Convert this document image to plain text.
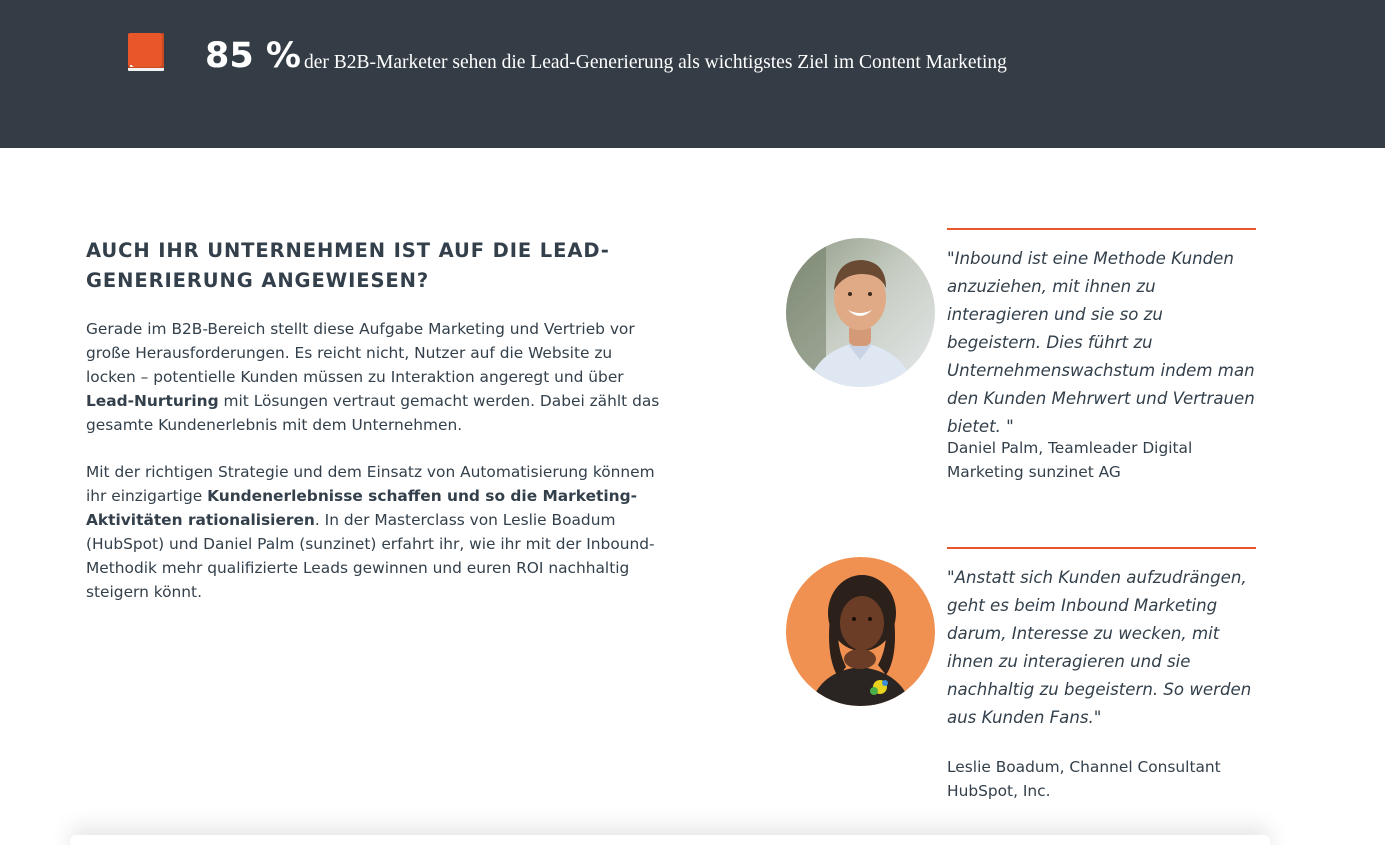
85 % der B2B-Marketer sehen die Lead-Generierung als wichtigstes Ziel im Content Marketing
AUCH IHR UNTERNEHMEN IST AUF DIE LEAD-GENERIERUNG ANGEWIESEN?

Gerade im B2B-Bereich stellt diese Aufgabe Marketing und Vertrieb vor große Herausforderungen. Es reicht nicht, Nutzer auf die Website zu locken – potentielle Kunden müssen zu Interaktion angeregt und über Lead-Nurturing mit Lösungen vertraut gemacht werden. Dabei zählt das gesamte Kundenerlebnis mit dem Unternehmen.

Mit der richtigen Strategie und dem Einsatz von Automatisierung könnem ihr einzigartige Kundenerlebnisse schaffen und so die Marketing-Aktivitäten rationalisieren. In der Masterclass von Leslie Boadum (HubSpot) und Daniel Palm (sunzinet) erfahrt ihr, wie ihr mit der Inbound-Methodik mehr qualifizierte Leads gewinnen und euren ROI nachhaltig steigern könnt.

"Inbound ist eine Methode Kunden anzuziehen, mit ihnen zu interagieren und sie so zu begeistern. Dies führt zu Unternehmenswachstum indem man den Kunden Mehrwert und Vertrauen bietet. "

Daniel Palm, Teamleader Digital Marketing sunzinet AG

"Anstatt sich Kunden aufzudrängen, geht es beim Inbound Marketing darum, Interesse zu wecken, mit ihnen zu interagieren und sie nachhaltig zu begeistern. So werden aus Kunden Fans."

Leslie Boadum, Channel Consultant HubSpot, Inc.
